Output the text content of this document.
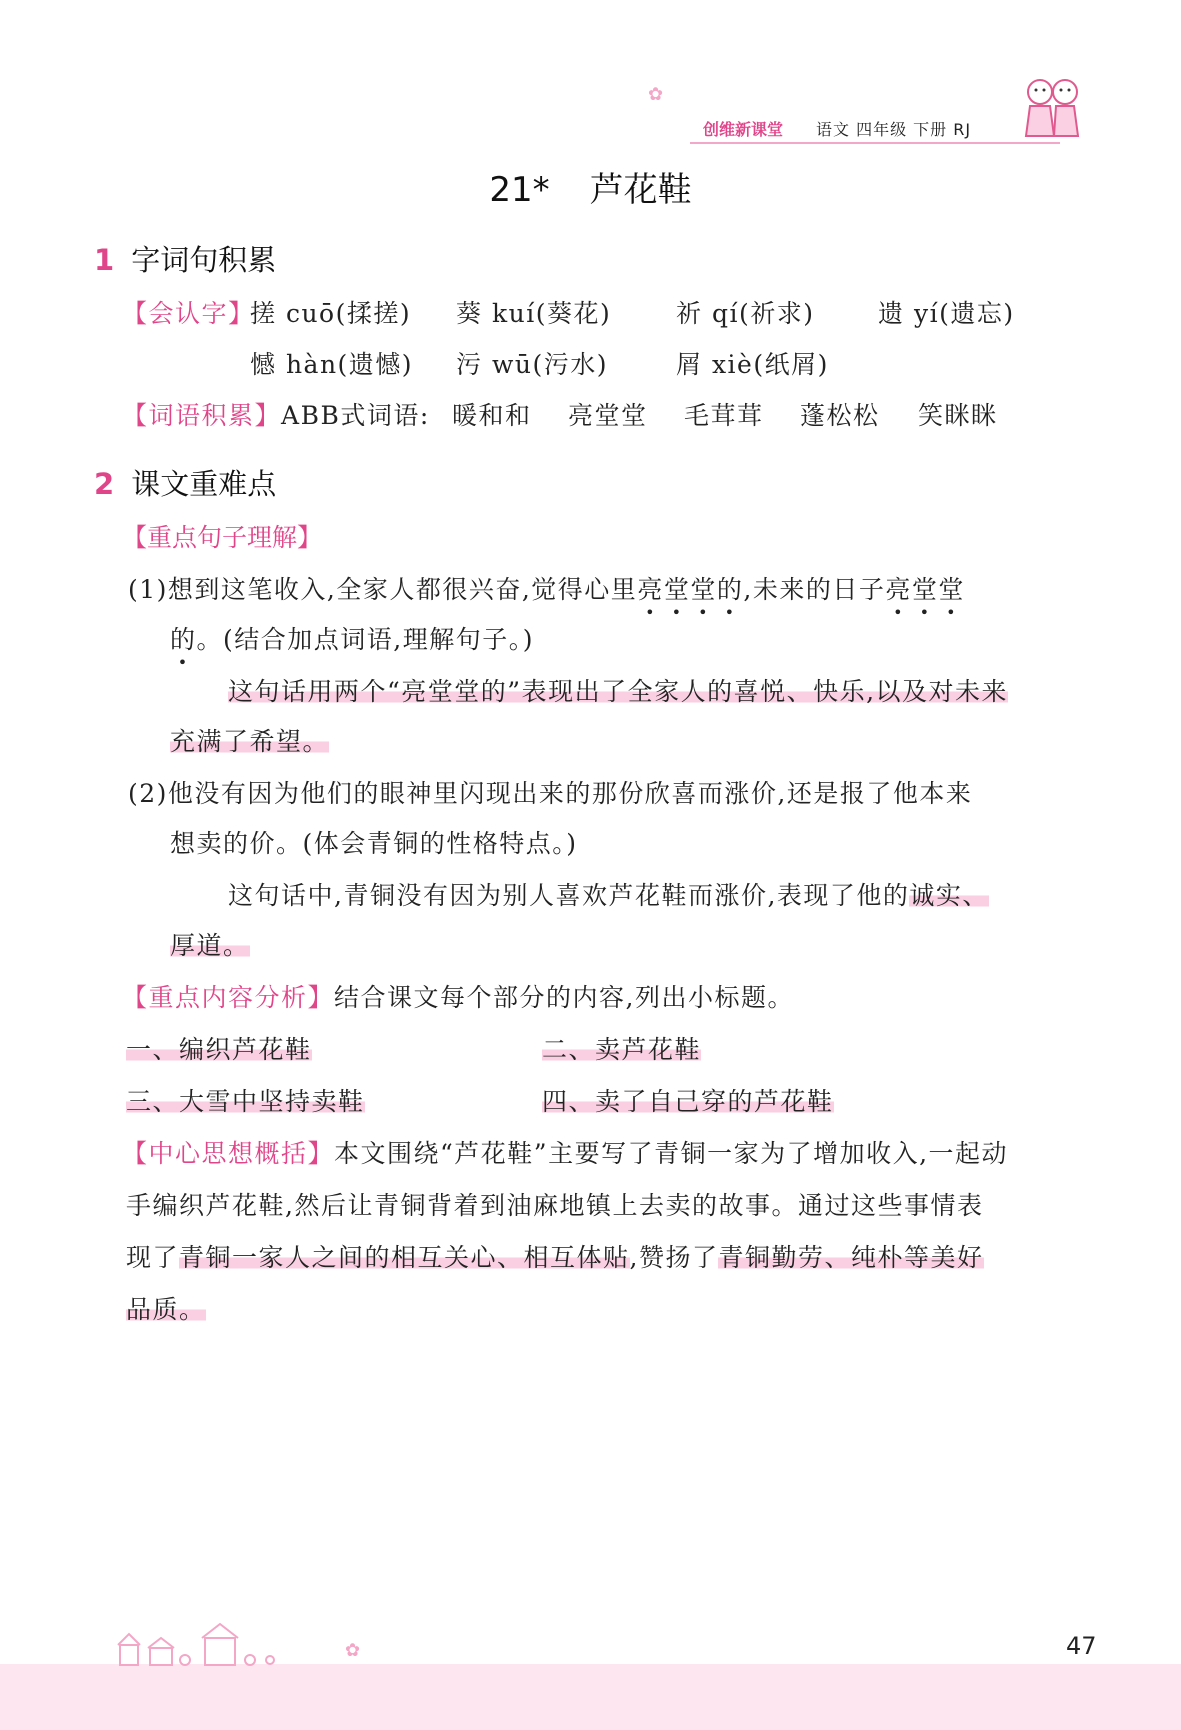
✿
创维新课堂 语文 四年级 下册 RJ
21* 芦花鞋
1 字词句积累
【会认字】
搓 cuō(揉搓) 葵 kuí(葵花)	祈 qí(祈求)	遗 yí(遗忘)
憾 hàn(遗憾) 污 wū(污水)	屑 xiè(纸屑)
【词语积累】ABB式词语: 暖和和 亮堂堂 毛茸茸 蓬松松 笑眯眯
2 课文重难点
【重点句子理解】
(1)想到这笔收入,全家人都很兴奋,觉得心里亮堂堂的,未来的日子亮堂堂
的。(结合加点词语,理解句子。)
这句话用两个“亮堂堂的”表现出了全家人的喜悦、快乐,以及对未来
充满了希望。
(2)他没有因为他们的眼神里闪现出来的那份欣喜而涨价,还是报了他本来
想卖的价。(体会青铜的性格特点。)
这句话中,青铜没有因为别人喜欢芦花鞋而涨价,表现了他的诚实、
厚道。
【重点内容分析】结合课文每个部分的内容,列出小标题。
一、编织芦花鞋	二、卖芦花鞋
三、大雪中坚持卖鞋	四、卖了自己穿的芦花鞋
【中心思想概括】本文围绕“芦花鞋”主要写了青铜一家为了增加收入,一起动
手编织芦花鞋,然后让青铜背着到油麻地镇上去卖的故事。通过这些事情表
现了青铜一家人之间的相互关心、相互体贴,赞扬了青铜勤劳、纯朴等美好
品质。
✿	47
